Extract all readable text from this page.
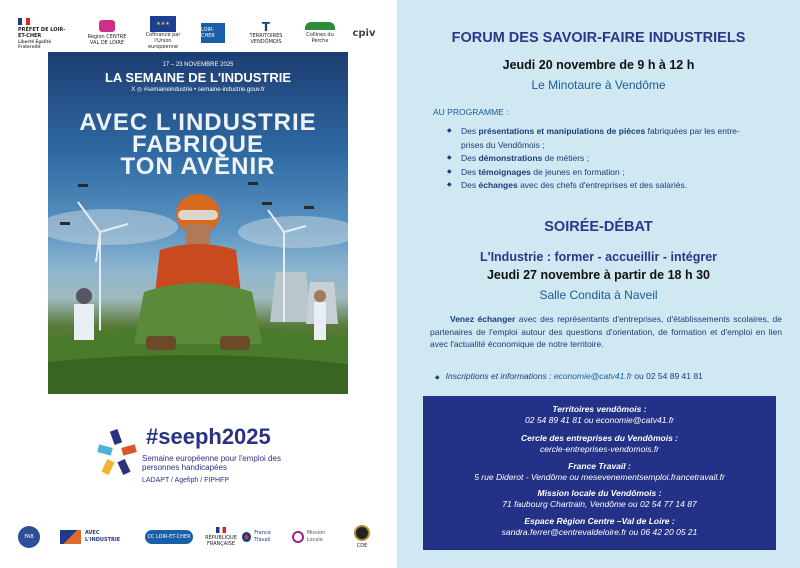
PRÉFET DE LOIR-ET-CHER
Liberté Égalité Fraternité
Région CENTRE VAL DE LOIRE
★★★
Cofinancé par l'Union européenne
LOIR-CHER
T
TERRITOIRES VENDÔMOIS
Collines du Perche
cpiv
17 – 23 NOVEMBRE 2025
LA SEMAINE DE L'INDUSTRIE
X ◎ #semaineindustrie • semaine-industrie.gouv.fr
AVEC L'INDUSTRIE
FABRIQUE
TON AVENIR
#seeph2025
Semaine européenne pour l'emploi des personnes handicapées
LADAPT / Agefiph / FIPHFP
FAB
AVEC L'INDUSTRIE	CC LOIR-ET-CHER	RÉPUBLIQUE FRANÇAISE
France Travail
Mission Locale
CDE
FORUM DES SAVOIR-FAIRE INDUSTRIELS
Jeudi 20 novembre de 9 h à 12 h
Le Minotaure à Vendôme
AU PROGRAMME :
◆ Des présentations et manipulations de pièces fabriquées par les entre-
prises du Vendômois ;
◆ Des démonstrations de métiers ;
◆ Des témoignages de jeunes en formation ;
◆ Des échanges avec des chefs d'entreprises et des salariés.
SOIRÉE-DÉBAT
L'Industrie : former - accueillir - intégrer
Jeudi 27 novembre à partir de 18 h 30
Salle Condita à Naveil
Venez échanger avec des représentants d'entreprises, d'établissements scolaires, de partenaires de l'emploi autour des questions d'orientation, de formation et d'emploi en lien avec l'actualité économique de notre territoire.
◆ Inscriptions et informations : economie@catv41.fr ou 02 54 89 41 81
Territoires vendômois :
02 54 89 41 81 ou economie@catv41.fr
Cercle des entreprises du Vendômois :
cercle-entreprises-vendomois.fr
France Travail :
5 rue Diderot - Vendôme ou mesevenementsemploi.francetravail.fr
Mission locale du Vendômois :
71 faubourg Chartrain, Vendôme ou 02 54 77 14 87
Espace Région Centre –Val de Loire :
sandra.ferrer@centrevaldeloire.fr ou 06 42 20 05 21
